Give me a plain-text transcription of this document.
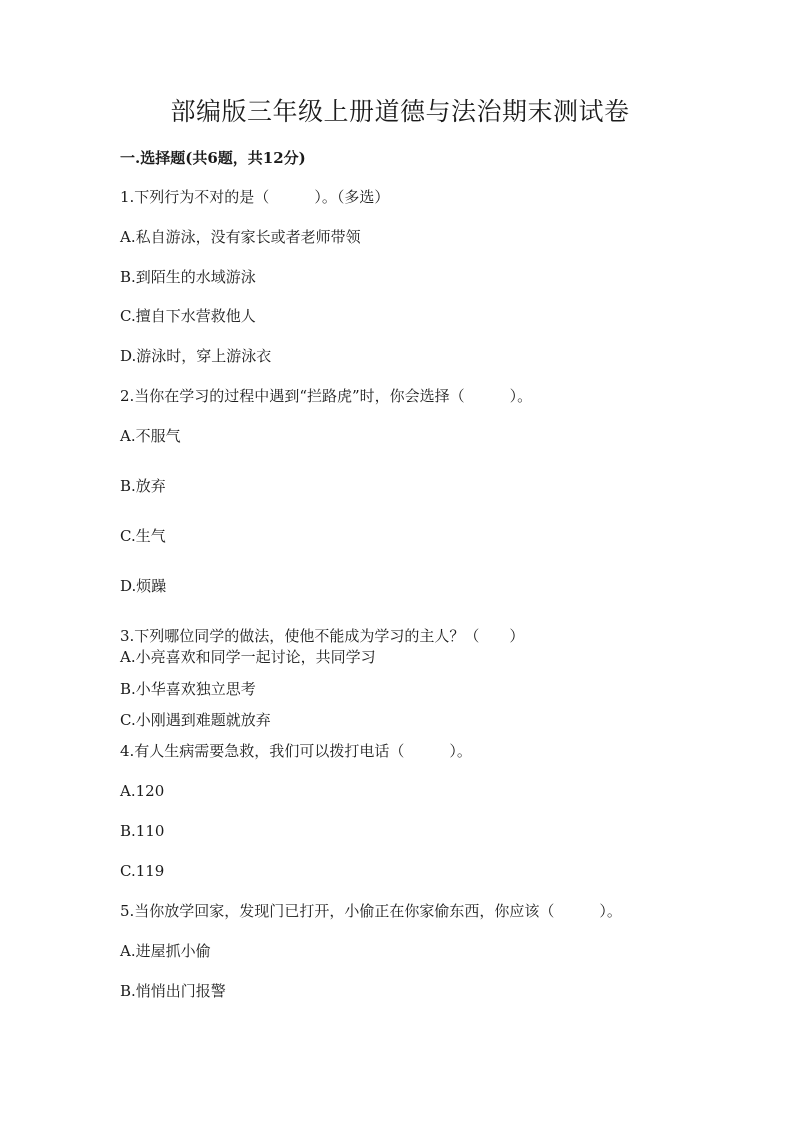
部编版三年级上册道德与法治期末测试卷
一.选择题(共6题，共12分)
1.下列行为不对的是（　　　）。（多选）
A.私自游泳，没有家长或者老师带领
B.到陌生的水域游泳
C.擅自下水营救他人
D.游泳时，穿上游泳衣
2.当你在学习的过程中遇到“拦路虎”时，你会选择（　　　）。
A.不服气
B.放弃
C.生气
D.烦躁
3.下列哪位同学的做法，使他不能成为学习的主人？（　　）
A.小亮喜欢和同学一起讨论，共同学习
B.小华喜欢独立思考
C.小刚遇到难题就放弃
4.有人生病需要急救，我们可以拨打电话（　　　）。
A.120
B.110
C.119
5.当你放学回家，发现门已打开，小偷正在你家偷东西，你应该（　　　）。
A.进屋抓小偷
B.悄悄出门报警
